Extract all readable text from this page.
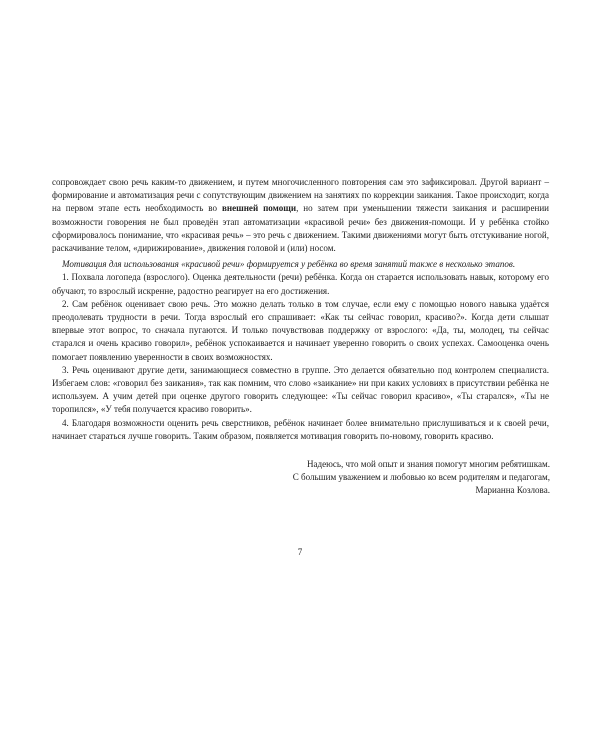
сопровождает свою речь каким-то движением, и путем многочисленного повторения сам это зафиксировал. Другой вариант – формирование и автоматизация речи с сопутствующим движением на занятиях по коррекции заикания. Такое происходит, когда на первом этапе есть необходимость во внешней помощи, но затем при уменьшении тяжести заикания и расширении возможности говорения не был проведён этап автоматизации «красивой речи» без движения-помощи. И у ребёнка стойко сформировалось понимание, что «красивая речь» – это речь с движением. Такими движениями могут быть отстукивание ногой, раскачивание телом, «дирижирование», движения головой и (или) носом.

Мотивация для использования «красивой речи» формируется у ребёнка во время занятий также в несколько этапов.

1. Похвала логопеда (взрослого). Оценка деятельности (речи) ребёнка. Когда он старается использовать навык, которому его обучают, то взрослый искренне, радостно реагирует на его достижения.

2. Сам ребёнок оценивает свою речь. Это можно делать только в том случае, если ему с помощью нового навыка удаётся преодолевать трудности в речи. Тогда взрослый его спрашивает: «Как ты сейчас говорил, красиво?». Когда дети слышат впервые этот вопрос, то сначала пугаются. И только почувствовав поддержку от взрослого: «Да, ты, молодец, ты сейчас старался и очень красиво говорил», ребёнок успокаивается и начинает уверенно говорить о своих успехах. Самооценка очень помогает появлению уверенности в своих возможностях.

3. Речь оценивают другие дети, занимающиеся совместно в группе. Это делается обязательно под контролем специалиста. Избегаем слов: «говорил без заикания», так как помним, что слово «заикание» ни при каких условиях в присутствии ребёнка не используем. А учим детей при оценке другого говорить следующее: «Ты сейчас говорил красиво», «Ты старался», «Ты не торопился», «У тебя получается красиво говорить».

4. Благодаря возможности оценить речь сверстников, ребёнок начинает более внимательно прислушиваться и к своей речи, начинает стараться лучше говорить. Таким образом, появляется мотивация говорить по-новому, говорить красиво.

Надеюсь, что мой опыт и знания помогут многим ребятишкам.
С большим уважением и любовью ко всем родителям и педагогам,
Марианна Козлова.
7
